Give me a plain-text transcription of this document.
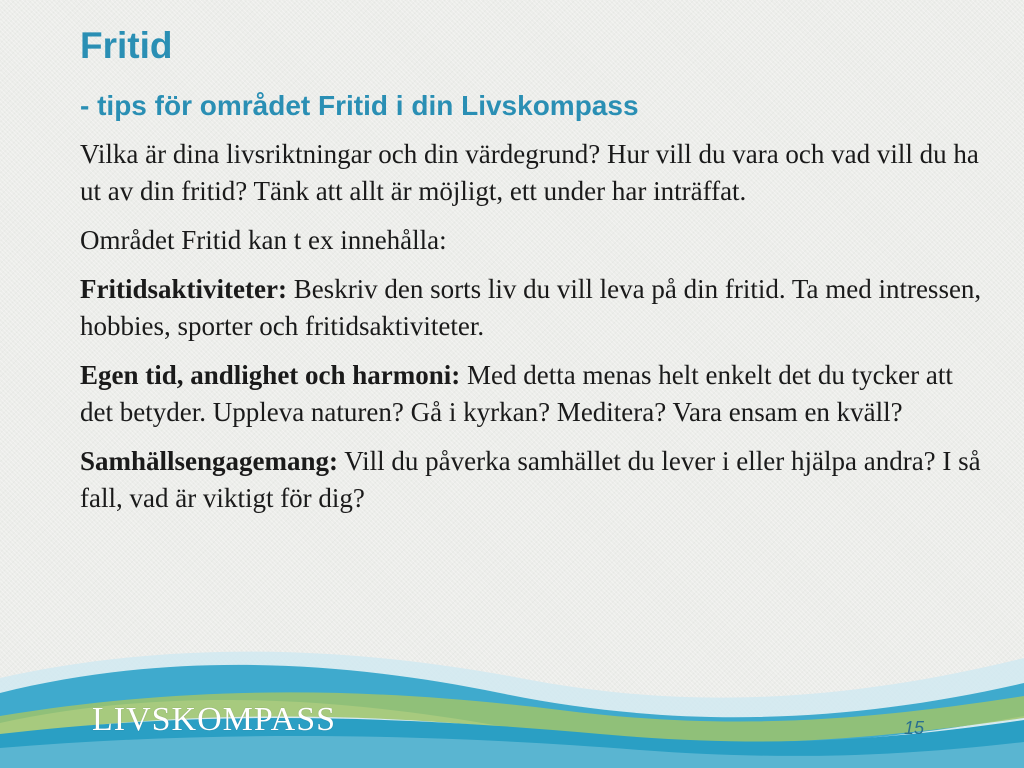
Fritid
- tips för området Fritid i din Livskompass

Vilka är dina livsriktningar och din värdegrund? Hur vill du vara och vad vill du ha ut av din fritid? Tänk att allt är möjligt, ett under har inträffat.

Området Fritid kan t ex innehålla:

Fritidsaktiviteter: Beskriv den sorts liv du vill leva på din fritid. Ta med intressen, hobbies, sporter och fritidsaktiviteter.

Egen tid, andlighet och harmoni: Med detta menas helt enkelt det du tycker att det betyder. Uppleva naturen? Gå i kyrkan? Meditera? Vara ensam en kväll?

Samhällsengagemang: Vill du påverka samhället du lever i eller hjälpa andra? I så fall, vad är viktigt för dig?

LIVSKOMPASS	15
